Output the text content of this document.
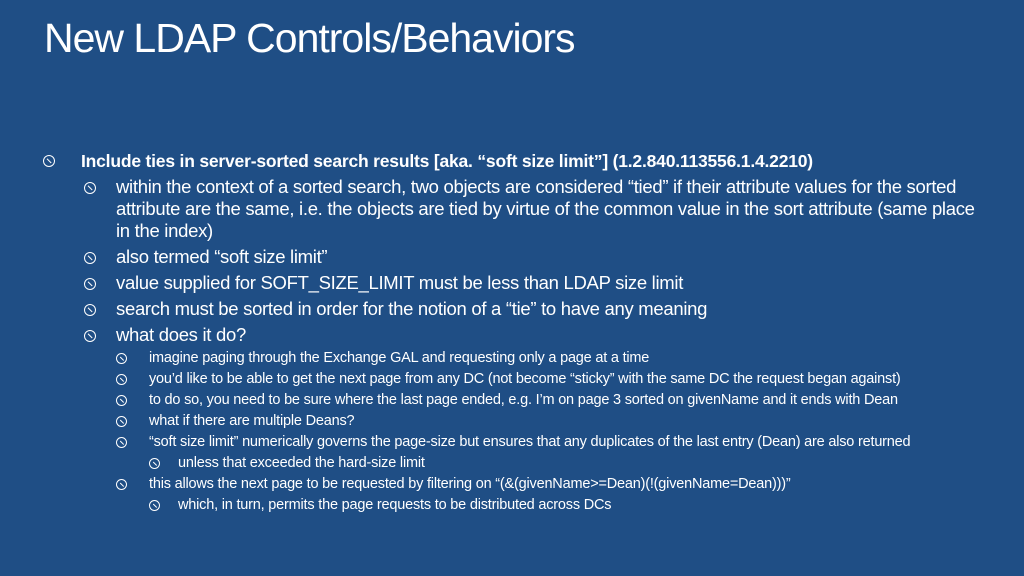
New LDAP Controls/Behaviors
Include ties in server-sorted search results [aka. “soft size limit”] (1.2.840.113556.1.4.2210)
within the context of a sorted search, two objects are considered “tied” if their attribute values for the sorted attribute are the same, i.e. the objects are tied by virtue of the common value in the sort attribute (same place in the index)
also termed “soft size limit”
value supplied for SOFT_SIZE_LIMIT must be less than LDAP size limit
search must be sorted in order for the notion of a “tie” to have any meaning
what does it do?
imagine paging through the Exchange GAL and requesting only a page at a time
you’d like to be able to get the next page from any DC (not become “sticky” with the same DC the request began against)
to do so, you need to be sure where the last page ended, e.g. I’m on page 3 sorted on givenName and it ends with Dean
what if there are multiple Deans?
“soft size limit” numerically governs the page-size but ensures that any duplicates of the last entry (Dean) are also returned
unless that exceeded the hard-size limit
this allows the next page to be requested by filtering on “(&(givenName>=Dean)(!(givenName=Dean)))”
which, in turn, permits the page requests to be distributed across DCs
